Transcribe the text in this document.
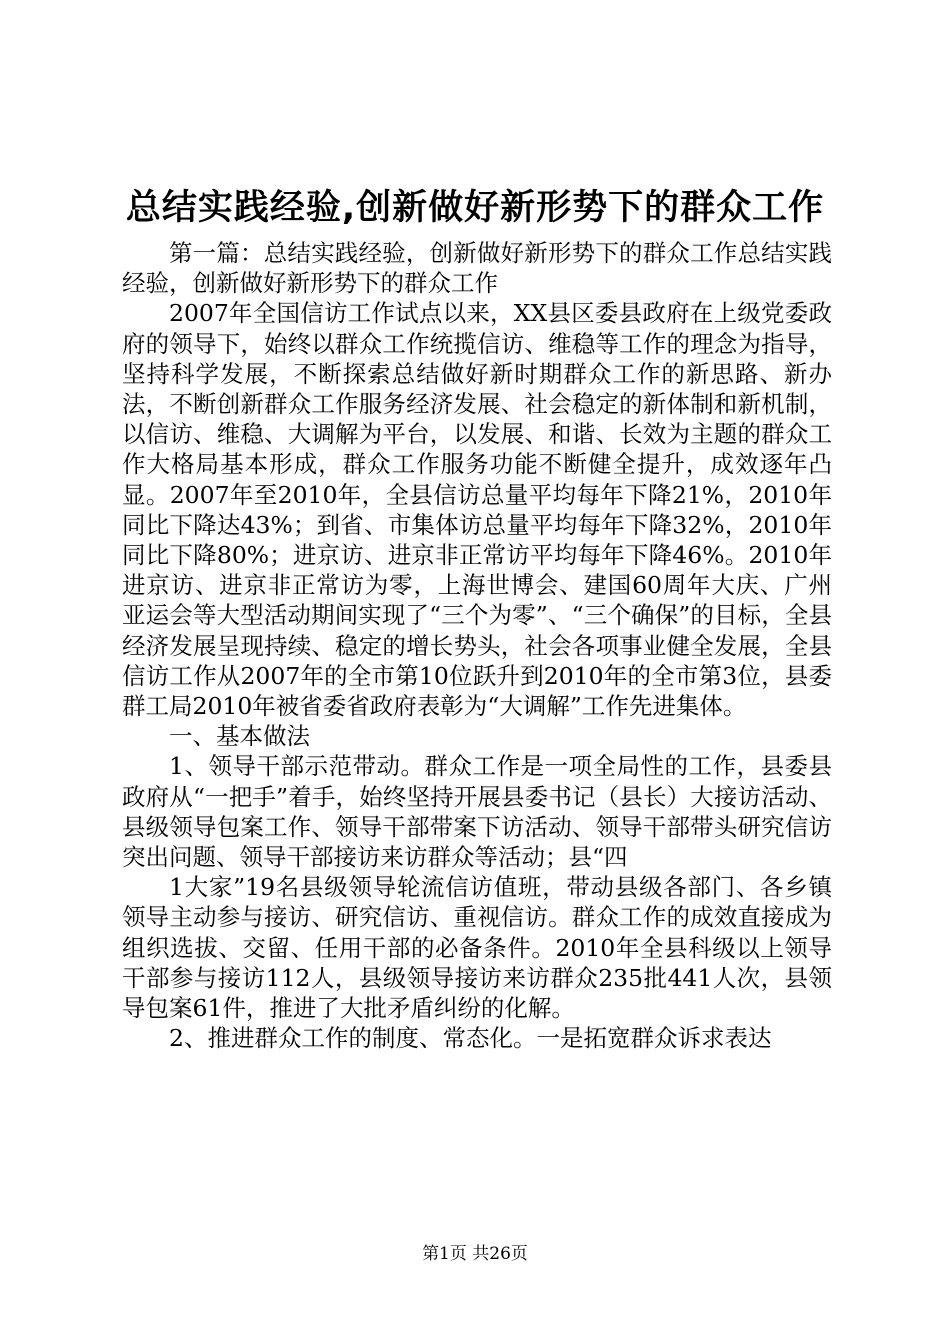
总结实践经验,创新做好新形势下的群众工作

第一篇：总结实践经验，创新做好新形势下的群众工作总结实践经验，创新做好新形势下的群众工作

2007年全国信访工作试点以来，XX县区委县政府在上级党委政府的领导下，始终以群众工作统揽信访、维稳等工作的理念为指导，坚持科学发展，不断探索总结做好新时期群众工作的新思路、新办法，不断创新群众工作服务经济发展、社会稳定的新体制和新机制，以信访、维稳、大调解为平台，以发展、和谐、长效为主题的群众工作大格局基本形成，群众工作服务功能不断健全提升，成效逐年凸显。2007年至2010年，全县信访总量平均每年下降21%，2010年同比下降达43%；到省、市集体访总量平均每年下降32%，2010年同比下降80%；进京访、进京非正常访平均每年下降46%。2010年进京访、进京非正常访为零，上海世博会、建国60周年大庆、广州亚运会等大型活动期间实现了“三个为零”、“三个确保”的目标，全县经济发展呈现持续、稳定的增长势头，社会各项事业健全发展，全县信访工作从2007年的全市第10位跃升到2010年的全市第3位，县委群工局2010年被省委省政府表彰为“大调解”工作先进集体。

一、基本做法

1、领导干部示范带动。群众工作是一项全局性的工作，县委县政府从“一把手”着手，始终坚持开展县委书记（县长）大接访活动、县级领导包案工作、领导干部带案下访活动、领导干部带头研究信访突出问题、领导干部接访来访群众等活动；县“四

1大家”19名县级领导轮流信访值班，带动县级各部门、各乡镇领导主动参与接访、研究信访、重视信访。群众工作的成效直接成为组织选拔、交留、任用干部的必备条件。2010年全县科级以上领导干部参与接访112人，县级领导接访来访群众235批441人次，县领导包案61件，推进了大批矛盾纠纷的化解。

2、推进群众工作的制度、常态化。一是拓宽群众诉求表达

第1页 共26页
